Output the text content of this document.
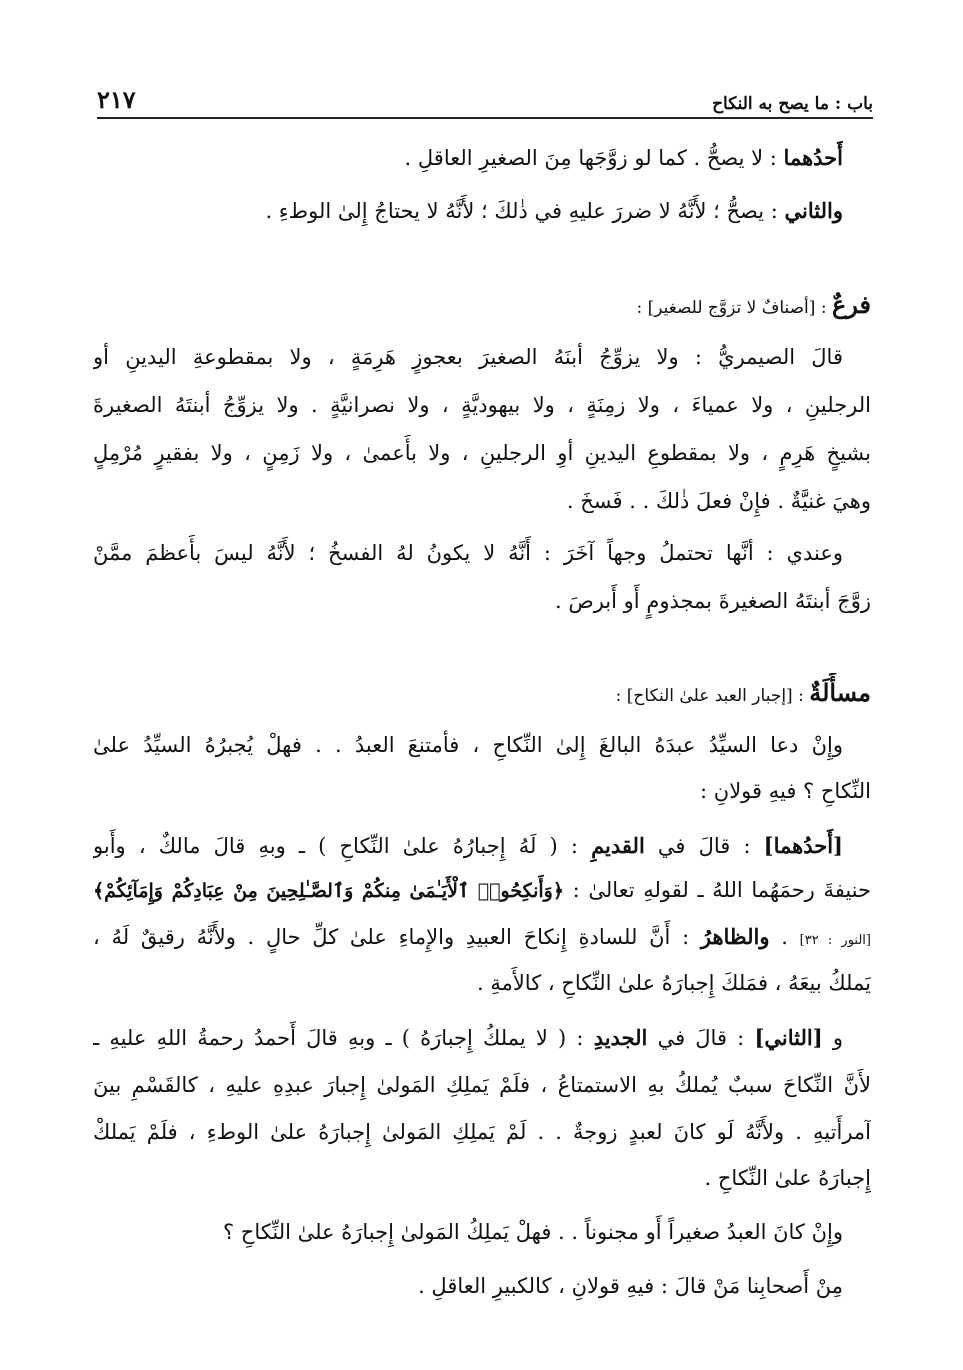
باب : ما يصح به النكاح
٢١٧
أَحدُهما : لا يصحُّ . كما لو زوَّجَها مِنَ الصغيرِ العاقلِ .
والثاني : يصحُّ ؛ لأَنَّهُ لا ضررَ عليهِ في ذٰلكَ ؛ لأَنَّهُ لا يحتاجُ إِلىٰ الوطءِ .
فرعٌ : [أصنافٌ لا تزوَّج للصغير] :
قالَ الصيمريُّ : ولا يزوِّجُ أبنَهُ الصغيرَ بعجوزٍ هَرِمَةٍ ، ولا بمقطوعةِ اليدينِ أو
الرجلينِ ، ولا عمياءَ ، ولا زمِنَةٍ ، ولا بيهوديَّةٍ ، ولا نصرانيَّةٍ . ولا يزوِّجُ أبنتَهُ الصغيرةَ
بشيخٍ هَرِمٍ ، ولا بمقطوعِ اليدينِ أوِ الرجلينِ ، ولا بأَعمىٰ ، ولا زَمِنٍ ، ولا بفقيرٍ مُرْمِلٍ
وهيَ غنيَّةٌ . فإِنْ فعلَ ذٰلكَ . . فَسخَ .
وعندي : أنَّها تحتملُ وجهاً آخَرَ : أَنَّهُ لا يكونُ لهُ الفسخُ ؛ لأَنَّهُ ليسَ بأَعظمَ ممَّنْ
زوَّجَ أبنتَهُ الصغيرةَ بمجذومٍ أَو أَبرصَ .
مسأَلَةٌ : [إجبار العبد علىٰ النكاح] :
وإِنْ دعا السيِّدُ عبدَهُ البالغَ إِلىٰ النِّكاحِ ، فأمتنعَ العبدُ . . فهلْ يُجبرُهُ السيِّدُ علىٰ
النِّكاحِ ؟ فيهِ قولانِ :
[أَحدُهما] : قالَ في القديمِ : ( لَهُ إِجبارُهُ علىٰ النِّكاحِ ) ـ وبهِ قالَ مالكٌ ، وأَبو
حنيفةَ رحمَهُما اللهُ ـ لقولهِ تعالىٰ : ﴿وَأَنكِحُوا۟ ٱلْأَيَـٰمَىٰ مِنكُمْ وَٱلصَّـٰلِحِينَ مِنْ عِبَادِكُمْ وَإِمَآئِكُمْ﴾
[النور : ٣٢] . والظاهرُ : أَنَّ للسادةِ إِنكاحَ العبيدِ والإِماءِ علىٰ كلِّ حالٍ . ولأَنَّهُ رقيقٌ لَهُ ،
يَملكُ بيعَهُ ، فمَلكَ إِجبارَهُ علىٰ النِّكاحِ ، كالأَمةِ .
و [الثاني] : قالَ في الجديدِ : ( لا يملكُ إِجبارَهُ ) ـ وبهِ قالَ أَحمدُ رحمةُ اللهِ عليهِ ـ
لأَنَّ النِّكاحَ سببٌ يُملكُ بهِ الاستمتاعُ ، فلَمْ يَملِكِ المَولىٰ إِجبارَ عبدِهِ عليهِ ، كالقَسْمِ بينَ
آمرأَتيهِ . ولأَنَّهُ لَو كانَ لعبدٍ زوجةٌ . . لَمْ يَملِكِ المَولىٰ إِجبارَهُ علىٰ الوطءِ ، فلَمْ يَملكْ
إِجبارَهُ علىٰ النِّكاحِ .
وإِنْ كانَ العبدُ صغيراً أَو مجنوناً . . فهلْ يَملِكُ المَولىٰ إِجبارَهُ علىٰ النِّكاحِ ؟
مِنْ أَصحابِنا مَنْ قالَ : فيهِ قولانِ ، كالكبيرِ العاقلِ .
